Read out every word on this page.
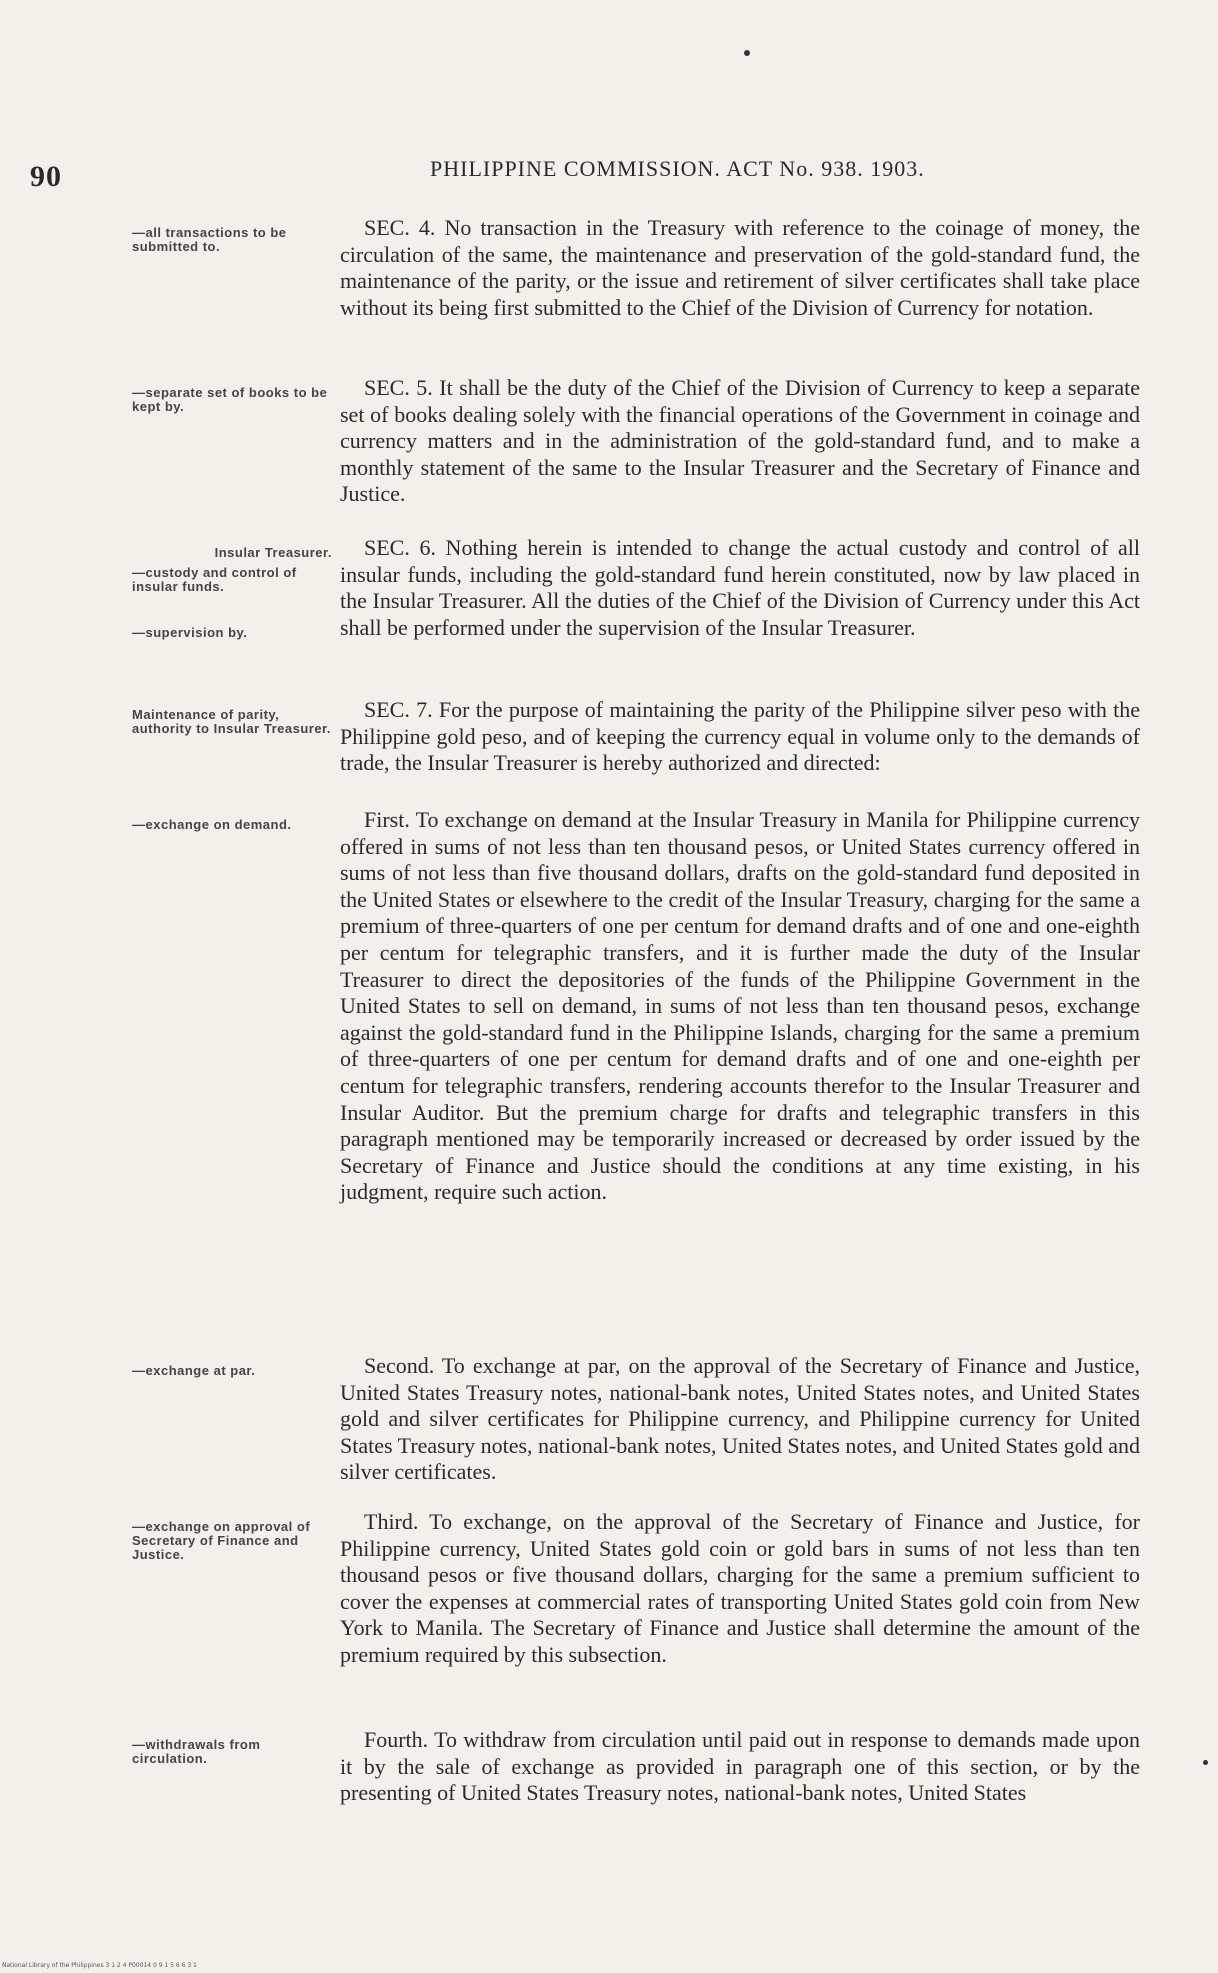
90	PHILIPPINE COMMISSION. ACT No. 938. 1903.
—all transactions to be submitted to.
—separate set of books to be kept by.
Insular Treasurer.
—custody and control of insular funds.
—supervision by.
Maintenance of parity, authority to Insular Treasurer.
—exchange on demand.
—exchange at par.
—exchange on approval of Secretary of Finance and Justice.
—withdrawals from circulation.

SEC. 4. No transaction in the Treasury with reference to the coinage of money, the circulation of the same, the maintenance and preservation of the gold-standard fund, the maintenance of the parity, or the issue and retirement of silver certificates shall take place without its being first submitted to the Chief of the Division of Currency for notation.

SEC. 5. It shall be the duty of the Chief of the Division of Currency to keep a separate set of books dealing solely with the financial operations of the Government in coinage and currency matters and in the administration of the gold-standard fund, and to make a monthly statement of the same to the Insular Treasurer and the Secretary of Finance and Justice.

SEC. 6. Nothing herein is intended to change the actual custody and control of all insular funds, including the gold-standard fund herein constituted, now by law placed in the Insular Treasurer. All the duties of the Chief of the Division of Currency under this Act shall be performed under the supervision of the Insular Treasurer.

SEC. 7. For the purpose of maintaining the parity of the Philippine silver peso with the Philippine gold peso, and of keeping the currency equal in volume only to the demands of trade, the Insular Treasurer is hereby authorized and directed:

First. To exchange on demand at the Insular Treasury in Manila for Philippine currency offered in sums of not less than ten thousand pesos, or United States currency offered in sums of not less than five thousand dollars, drafts on the gold-standard fund deposited in the United States or elsewhere to the credit of the Insular Treasury, charging for the same a premium of three-quarters of one per centum for demand drafts and of one and one-eighth per centum for telegraphic transfers, and it is further made the duty of the Insular Treasurer to direct the depositories of the funds of the Philippine Government in the United States to sell on demand, in sums of not less than ten thousand pesos, exchange against the gold-standard fund in the Philippine Islands, charging for the same a premium of three-quarters of one per centum for demand drafts and of one and one-eighth per centum for telegraphic transfers, rendering accounts therefor to the Insular Treasurer and Insular Auditor. But the premium charge for drafts and telegraphic transfers in this paragraph mentioned may be temporarily increased or decreased by order issued by the Secretary of Finance and Justice should the conditions at any time existing, in his judgment, require such action.

Second. To exchange at par, on the approval of the Secretary of Finance and Justice, United States Treasury notes, national-bank notes, United States notes, and United States gold and silver certificates for Philippine currency, and Philippine currency for United States Treasury notes, national-bank notes, United States notes, and United States gold and silver certificates.

Third. To exchange, on the approval of the Secretary of Finance and Justice, for Philippine currency, United States gold coin or gold bars in sums of not less than ten thousand pesos or five thousand dollars, charging for the same a premium sufficient to cover the expenses at commercial rates of transporting United States gold coin from New York to Manila. The Secretary of Finance and Justice shall determine the amount of the premium required by this subsection.

Fourth. To withdraw from circulation until paid out in response to demands made upon it by the sale of exchange as provided in paragraph one of this section, or by the presenting of United States Treasury notes, national-bank notes, United States

National Library of the Philippines 3 1 2 4 P00014 0 9 1 5 6 6 3 1
